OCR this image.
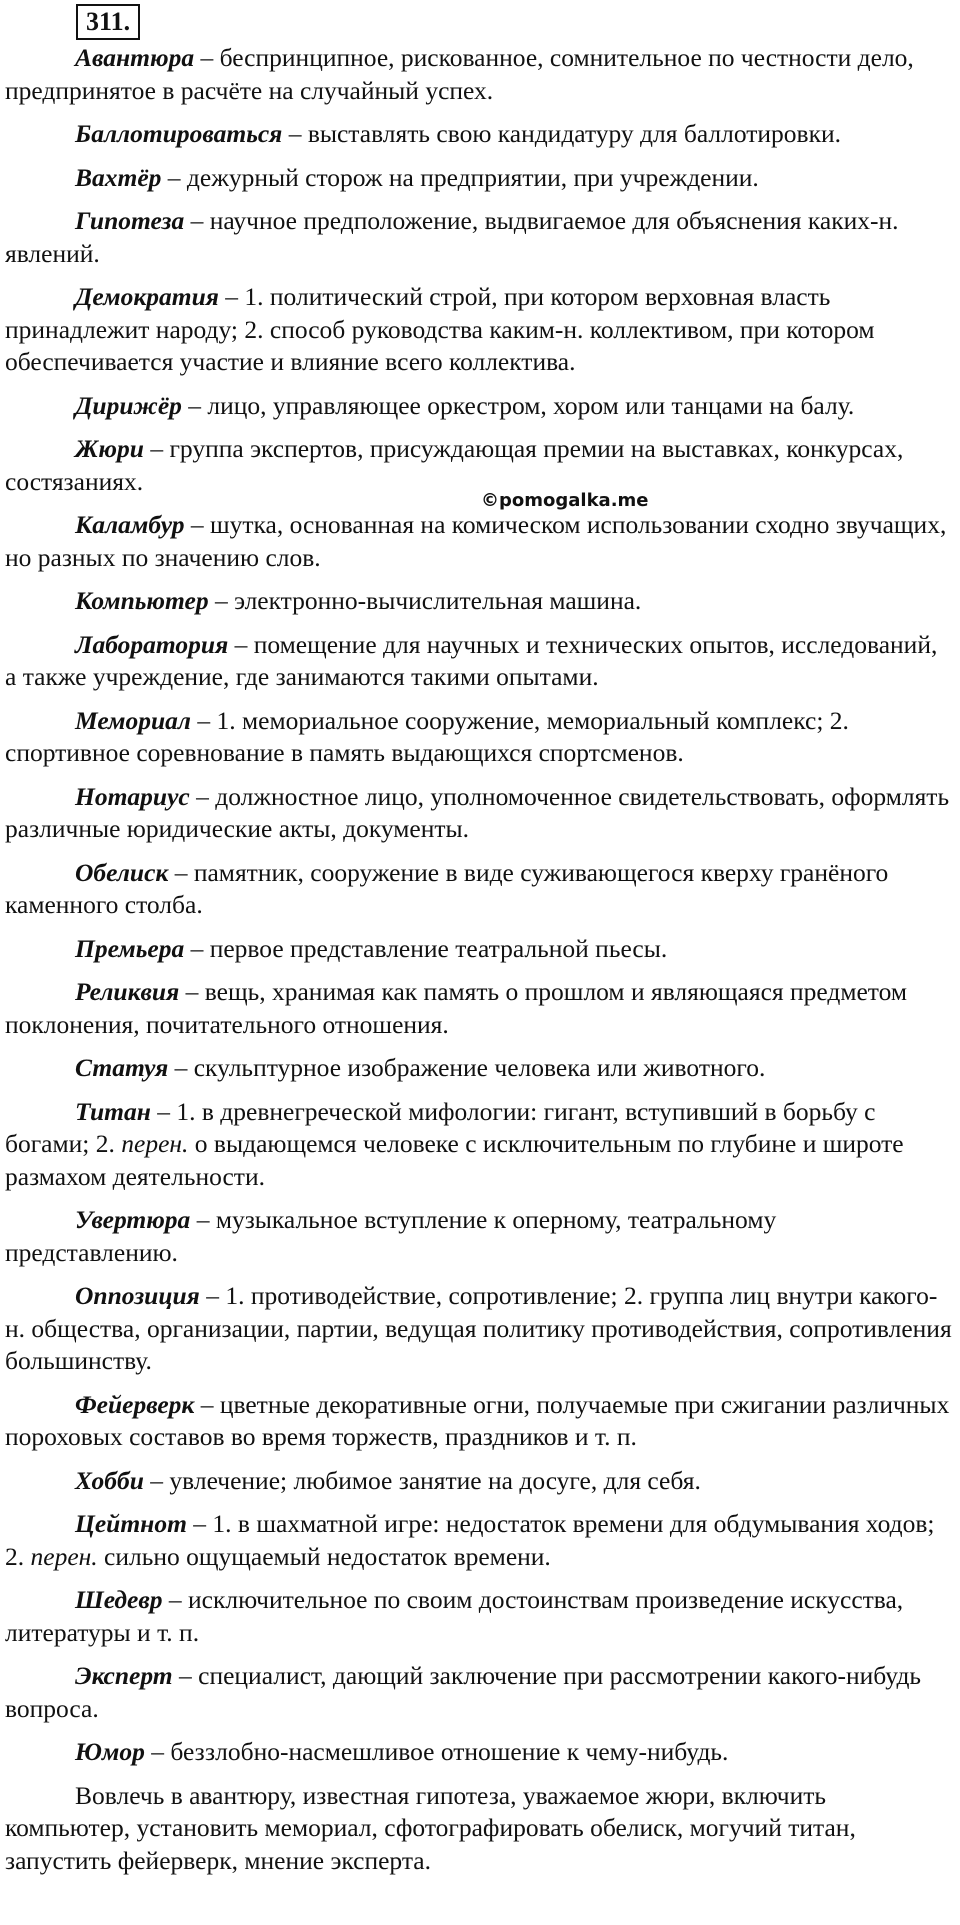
311.

Авантюра – беспринципное, рискованное, сомнительное по честности дело, предпринятое в расчёте на случайный успех.

Баллотироваться – выставлять свою кандидатуру для баллотировки.

Вахтёр – дежурный сторож на предприятии, при учреждении.

Гипотеза – научное предположение, выдвигаемое для объяснения каких-н. явлений.

Демократия – 1. политический строй, при котором верховная власть принадлежит народу; 2. способ руководства каким-н. коллективом, при котором обеспечивается участие и влияние всего коллектива.

Дирижёр – лицо, управляющее оркестром, хором или танцами на балу.

Жюри – группа экспертов, присуждающая премии на выставках, конкурсах, состязаниях.

Каламбур – шутка, основанная на комическом использовании сходно звучащих, но разных по значению слов.

Компьютер – электронно-вычислительная машина.

Лаборатория – помещение для научных и технических опытов, исследований, а также учреждение, где занимаются такими опытами.

Мемориал – 1. мемориальное сооружение, мемориальный комплекс; 2. спортивное соревнование в память выдающихся спортсменов.

Нотариус – должностное лицо, уполномоченное свидетельствовать, оформлять различные юридические акты, документы.

Обелиск – памятник, сооружение в виде суживающегося кверху гранёного каменного столба.

Премьера – первое представление театральной пьесы.

Реликвия – вещь, хранимая как память о прошлом и являющаяся предметом поклонения, почитательного отношения.

Статуя – скульптурное изображение человека или животного.

Титан – 1. в древнегреческой мифологии: гигант, вступивший в борьбу с богами; 2. перен. о выдающемся человеке с исключительным по глубине и широте размахом деятельности.

Увертюра – музыкальное вступление к оперному, театральному представлению.

Оппозиция – 1. противодействие, сопротивление; 2. группа лиц внутри какого-н. общества, организации, партии, ведущая политику противодействия, сопротивления большинству.

Фейерверк – цветные декоративные огни, получаемые при сжигании различных пороховых составов во время торжеств, праздников и т. п.

Хобби – увлечение; любимое занятие на досуге, для себя.

Цейтнот – 1. в шахматной игре: недостаток времени для обдумывания ходов; 2. перен. сильно ощущаемый недостаток времени.

Шедевр – исключительное по своим достоинствам произведение искусства, литературы и т. п.

Эксперт – специалист, дающий заключение при рассмотрении какого-нибудь вопроса.

Юмор – беззлобно-насмешливое отношение к чему-нибудь.

Вовлечь в авантюру, известная гипотеза, уважаемое жюри, включить компьютер, установить мемориал, сфотографировать обелиск, могучий титан, запустить фейерверк, мнение эксперта.

©pomogalka.me
